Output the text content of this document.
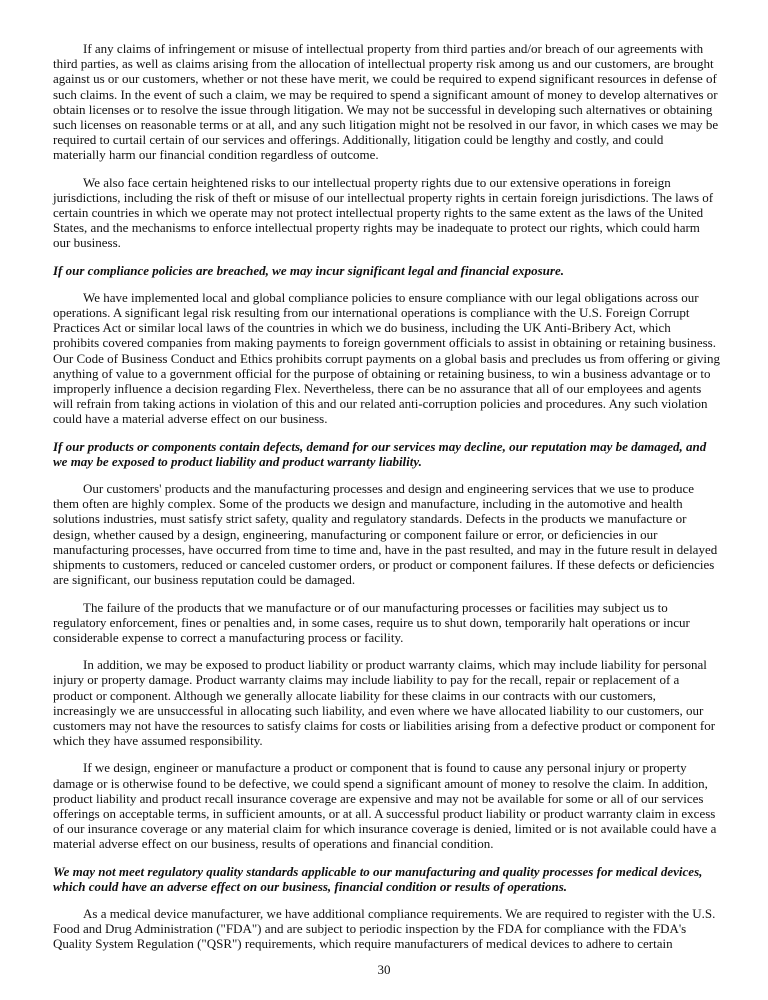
If any claims of infringement or misuse of intellectual property from third parties and/or breach of our agreements with
third parties, as well as claims arising from the allocation of intellectual property risk among us and our customers, are brought
against us or our customers, whether or not these have merit, we could be required to expend significant resources in defense of
such claims. In the event of such a claim, we may be required to spend a significant amount of money to develop alternatives or
obtain licenses or to resolve the issue through litigation. We may not be successful in developing such alternatives or obtaining
such licenses on reasonable terms or at all, and any such litigation might not be resolved in our favor, in which cases we may be
required to curtail certain of our services and offerings. Additionally, litigation could be lengthy and costly, and could
materially harm our financial condition regardless of outcome.
We also face certain heightened risks to our intellectual property rights due to our extensive operations in foreign
jurisdictions, including the risk of theft or misuse of our intellectual property rights in certain foreign jurisdictions. The laws of
certain countries in which we operate may not protect intellectual property rights to the same extent as the laws of the United
States, and the mechanisms to enforce intellectual property rights may be inadequate to protect our rights, which could harm
our business.
If our compliance policies are breached, we may incur significant legal and financial exposure.
We have implemented local and global compliance policies to ensure compliance with our legal obligations across our
operations. A significant legal risk resulting from our international operations is compliance with the U.S. Foreign Corrupt
Practices Act or similar local laws of the countries in which we do business, including the UK Anti-Bribery Act, which
prohibits covered companies from making payments to foreign government officials to assist in obtaining or retaining business.
Our Code of Business Conduct and Ethics prohibits corrupt payments on a global basis and precludes us from offering or giving
anything of value to a government official for the purpose of obtaining or retaining business, to win a business advantage or to
improperly influence a decision regarding Flex. Nevertheless, there can be no assurance that all of our employees and agents
will refrain from taking actions in violation of this and our related anti-corruption policies and procedures. Any such violation
could have a material adverse effect on our business.
If our products or components contain defects, demand for our services may decline, our reputation may be damaged, and
we may be exposed to product liability and product warranty liability.
Our customers' products and the manufacturing processes and design and engineering services that we use to produce
them often are highly complex. Some of the products we design and manufacture, including in the automotive and health
solutions industries, must satisfy strict safety, quality and regulatory standards. Defects in the products we manufacture or
design, whether caused by a design, engineering, manufacturing or component failure or error, or deficiencies in our
manufacturing processes, have occurred from time to time and, have in the past resulted, and may in the future result in delayed
shipments to customers, reduced or canceled customer orders, or product or component failures. If these defects or deficiencies
are significant, our business reputation could be damaged.
The failure of the products that we manufacture or of our manufacturing processes or facilities may subject us to
regulatory enforcement, fines or penalties and, in some cases, require us to shut down, temporarily halt operations or incur
considerable expense to correct a manufacturing process or facility.
In addition, we may be exposed to product liability or product warranty claims, which may include liability for personal
injury or property damage. Product warranty claims may include liability to pay for the recall, repair or replacement of a
product or component. Although we generally allocate liability for these claims in our contracts with our customers,
increasingly we are unsuccessful in allocating such liability, and even where we have allocated liability to our customers, our
customers may not have the resources to satisfy claims for costs or liabilities arising from a defective product or component for
which they have assumed responsibility.
If we design, engineer or manufacture a product or component that is found to cause any personal injury or property
damage or is otherwise found to be defective, we could spend a significant amount of money to resolve the claim. In addition,
product liability and product recall insurance coverage are expensive and may not be available for some or all of our services
offerings on acceptable terms, in sufficient amounts, or at all. A successful product liability or product warranty claim in excess
of our insurance coverage or any material claim for which insurance coverage is denied, limited or is not available could have a
material adverse effect on our business, results of operations and financial condition.
We may not meet regulatory quality standards applicable to our manufacturing and quality processes for medical devices,
which could have an adverse effect on our business, financial condition or results of operations.
As a medical device manufacturer, we have additional compliance requirements. We are required to register with the U.S.
Food and Drug Administration ("FDA") and are subject to periodic inspection by the FDA for compliance with the FDA's
Quality System Regulation ("QSR") requirements, which require manufacturers of medical devices to adhere to certain
30
